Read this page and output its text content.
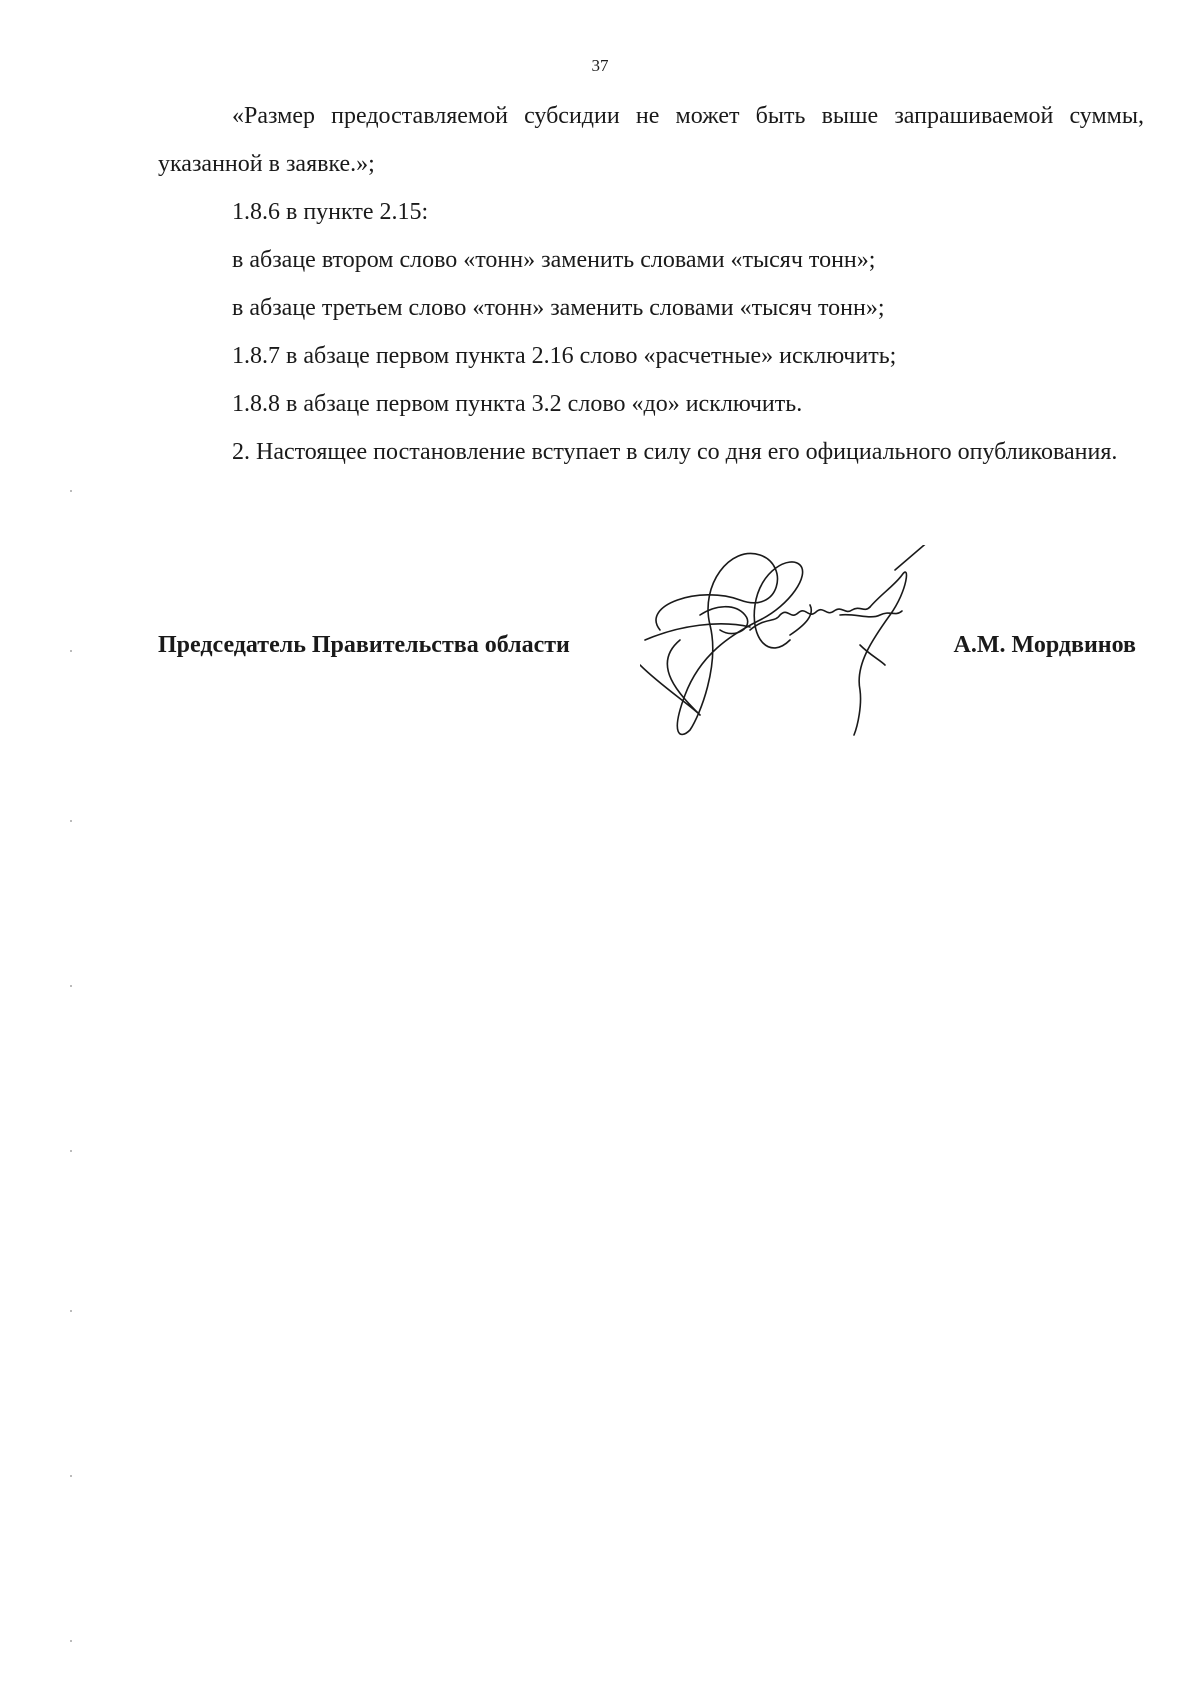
37

«Размер предоставляемой субсидии не может быть выше запрашиваемой суммы, указанной в заявке.»;

1.8.6 в пункте 2.15:

в абзаце втором слово «тонн» заменить словами «тысяч тонн»;

в абзаце третьем слово «тонн» заменить словами «тысяч тонн»;

1.8.7 в абзаце первом пункта 2.16 слово «расчетные» исключить;

1.8.8 в абзаце первом пункта 3.2 слово «до» исключить.

2. Настоящее постановление вступает в силу со дня его официального опубликования.

Председатель Правительства области	А.М. Мордвинов
